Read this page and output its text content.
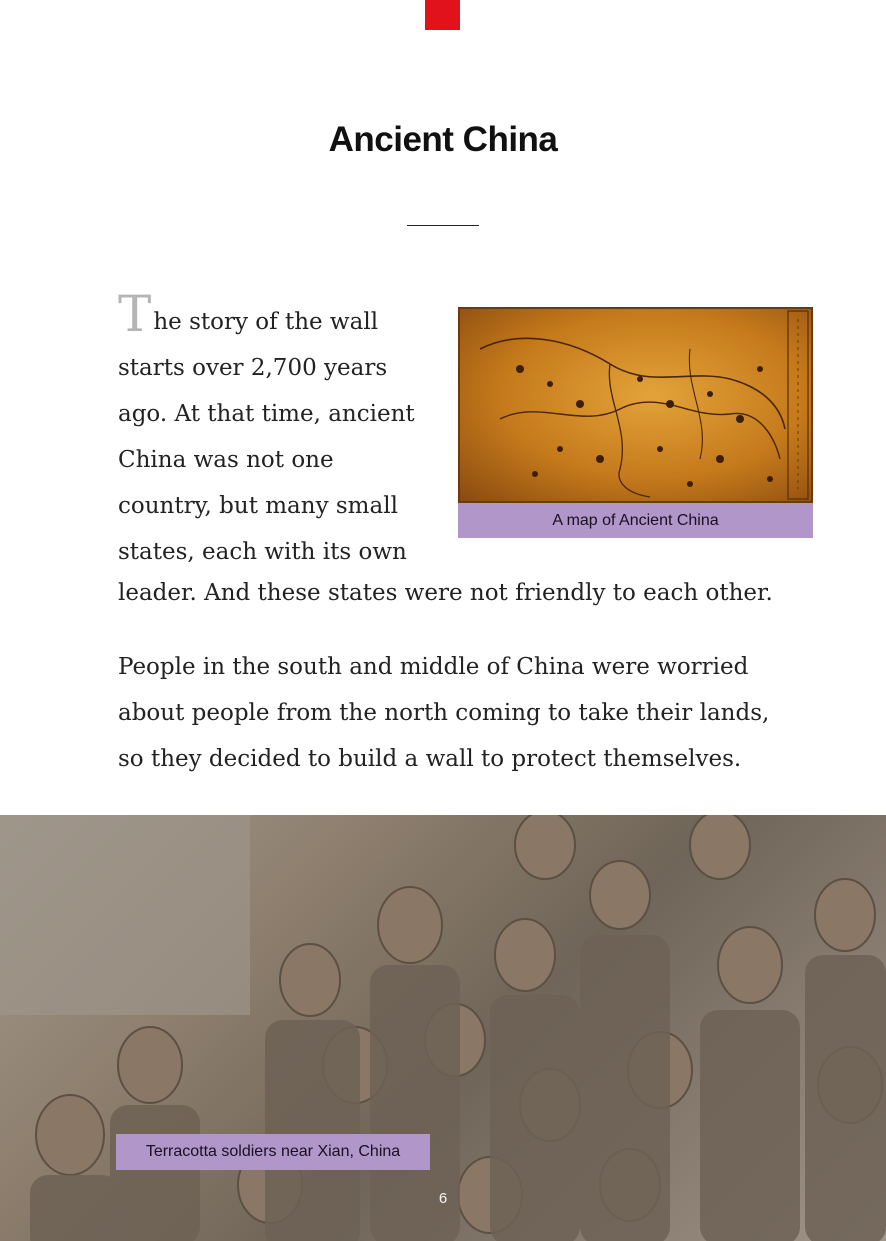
Ancient China
The story of the wall
starts over 2,700 years
ago. At that time, ancient
China was not one
country, but many small
states, each with its own
leader. And these states were not friendly to each other.
People in the south and middle of China were worried
about people from the north coming to take their lands,
so they decided to build a wall to protect themselves.
A map of Ancient China
Terracotta soldiers near Xian, China
6
